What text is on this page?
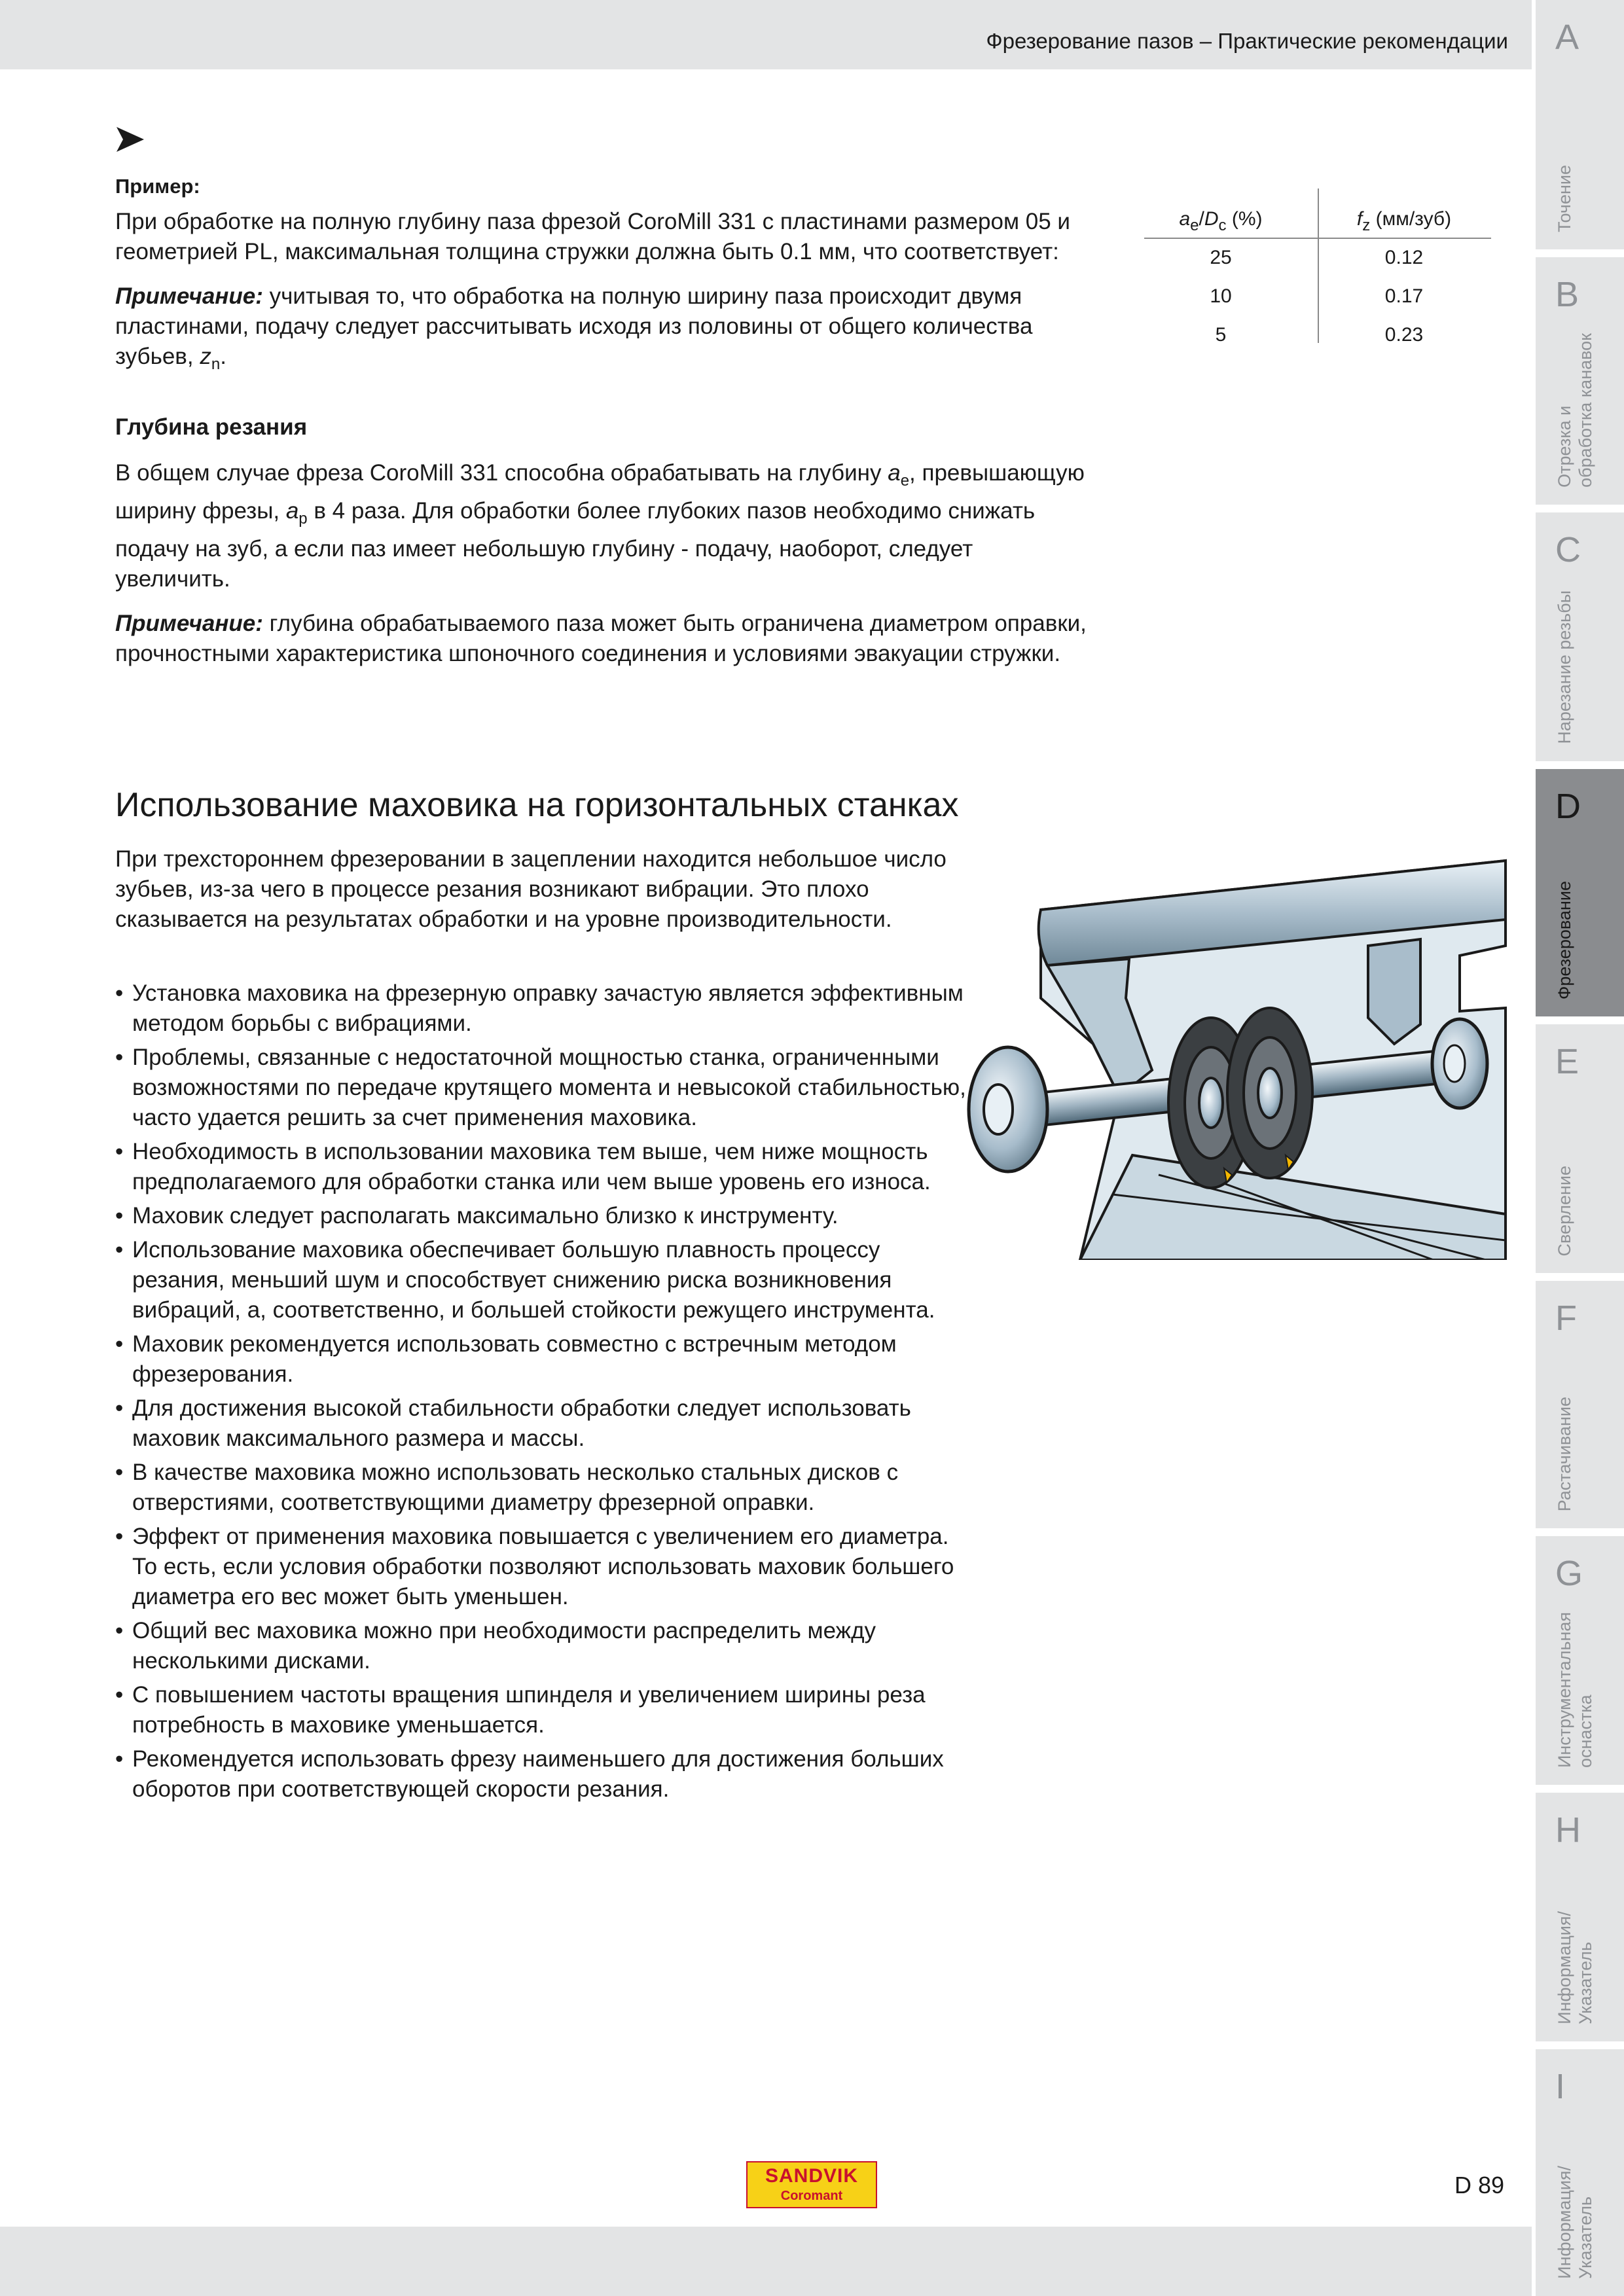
Фрезерование пазов – Практические рекомендации A
Точение
B
Отрезка и
обработка канавок
C
Нарезание резьбы
D
Фрезерование
E
Сверление
F
Растачивание
G
Инструментальная
оснастка
H
Информация/
Указатель
I
Информация/
Указатель
Пример:
При обработке на полную глубину паза фрезой CoroMill 331 с пластинами размером 05 и геометрией PL, максимальная толщина стружки должна быть 0.1 мм, что соответствует:
Примечание: учитывая то, что обработка на полную ширину паза происходит двумя пластинами, подачу следует рассчитывать исходя из половины от общего количества зубьев, $z_n$.
$a_e/D_c$ (%)	$f_z$ (мм/зуб)
25	0.12
10	0.17
5	0.23
Глубина резания
В общем случае фреза CoroMill 331 способна обрабатывать на глубину $a_e$, превышающую ширину фрезы, $a_p$ в 4 раза. Для обработки более глубоких пазов необходимо снижать подачу на зуб, а если паз имеет небольшую глубину - подачу, наоборот, следует увеличить.
Примечание: глубина обрабатываемого паза может быть ограничена диаметром оправки, прочностными характеристика шпоночного соединения и условиями эвакуации стружки.
Использование маховика на горизонтальных станках
При трехстороннем фрезеровании в зацеплении находится небольшое число зубьев, из-за чего в процессе резания возникают вибрации. Это плохо сказывается на результатах обработки и на уровне производительности.
• Установка маховика на фрезерную оправку зачастую является эффективным методом борьбы с вибрациями.
• Проблемы, связанные с недостаточной мощностью станка, ограниченными возможностями по передаче крутящего момента и невысокой стабильностью, часто удается решить за счет применения маховика.
• Необходимость в использовании маховика тем выше, чем ниже мощность предполагаемого для обработки станка или чем выше уровень его износа.
• Маховик следует располагать максимально близко к инструменту.
• Использование маховика обеспечивает большую плавность процессу резания, меньший шум и способствует снижению риска возникновения вибраций, а, соответственно, и большей стойкости режущего инструмента.
• Маховик рекомендуется использовать совместно с встречным методом фрезерования.
• Для достижения высокой стабильности обработки следует использовать маховик максимального размера и массы.
• В качестве маховика можно использовать несколько стальных дисков с отверстиями, соответствующими диаметру фрезерной оправки.
• Эффект от применения маховика повышается с увеличением его диаметра. То есть, если условия обработки позволяют использовать маховик большего диаметра его вес может быть уменьшен.
• Общий вес маховика можно при необходимости распределить между несколькими дисками.
• С повышением частоты вращения шпинделя и увеличением ширины реза потребность в маховике уменьшается.
• Рекомендуется использовать фрезу наименьшего для достижения больших оборотов при соответствующей скорости резания.
SANDVIK
Coromant	D 89
